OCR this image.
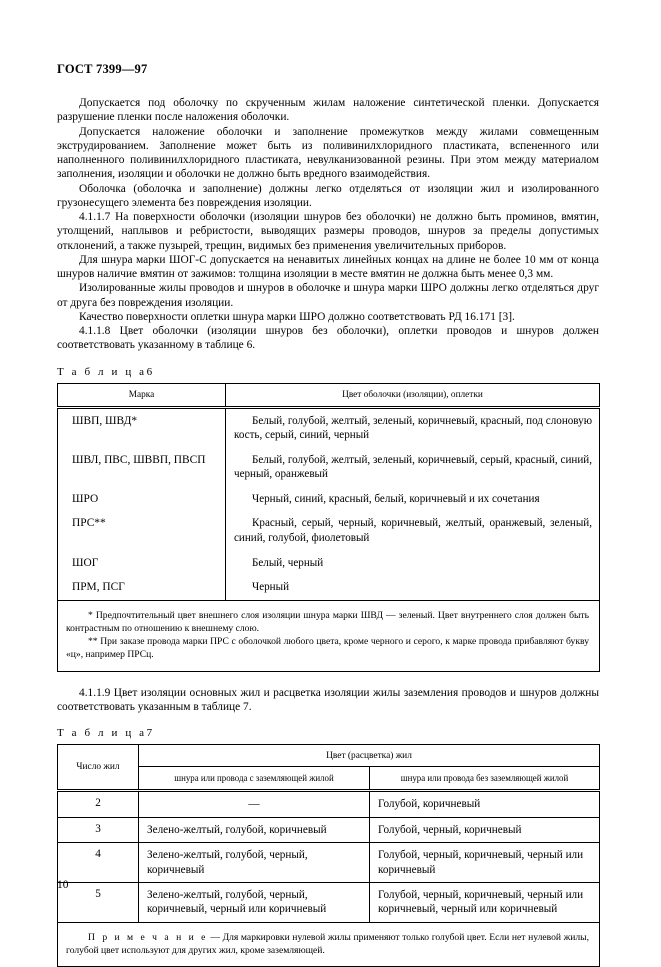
ГОСТ 7399—97

Допускается под оболочку по скрученным жилам наложение синтетической пленки. Допускается разрушение пленки после наложения оболочки.

Допускается наложение оболочки и заполнение промежутков между жилами совмещенным экструдированием. Заполнение может быть из поливинилхлоридного пластиката, вспененного или наполненного поливинилхлоридного пластиката, невулканизованной резины. При этом между материалом заполнения, изоляции и оболочки не должно быть вредного взаимодействия.

Оболочка (оболочка и заполнение) должны легко отделяться от изоляции жил и изолированного грузонесущего элемента без повреждения изоляции.

4.1.1.7 На поверхности оболочки (изоляции шнуров без оболочки) не должно быть проминов, вмятин, утолщений, наплывов и ребристости, выводящих размеры проводов, шнуров за пределы допустимых отклонений, а также пузырей, трещин, видимых без применения увеличительных приборов.

Для шнура марки ШОГ-С допускается на ненавитых линейных концах на длине не более 10 мм от конца шнуров наличие вмятин от зажимов: толщина изоляции в месте вмятин не должна быть менее 0,3 мм.

Изолированные жилы проводов и шнуров в оболочке и шнура марки ШРО должны легко отделяться друг от друга без повреждения изоляции.

Качество поверхности оплетки шнура марки ШРО должно соответствовать РД 16.171 [3].

4.1.1.8 Цвет оболочки (изоляции шнуров без оболочки), оплетки проводов и шнуров должен соответствовать указанному в таблице 6.

Т а б л и ц а6
Марка	Цвет оболочки (изоляции), оплетки
ШВП, ШВД*	Белый, голубой, желтый, зеленый, коричневый, красный, под слоновую кость, серый, синий, черный
ШВЛ, ПВС, ШВВП, ПВСП	Белый, голубой, желтый, зеленый, коричневый, серый, красный, синий, черный, оранжевый
ШРО	Черный, синий, красный, белый, коричневый и их сочетания
ПРС**	Красный, серый, черный, коричневый, желтый, оранжевый, зеленый, синий, голубой, фиолетовый
ШОГ	Белый, черный
ПРМ, ПСГ	Черный

* Предпочтительный цвет внешнего слоя изоляции шнура марки ШВД — зеленый. Цвет внутреннего слоя должен быть контрастным по отношению к внешнему слою.

** При заказе провода марки ПРС с оболочкой любого цвета, кроме черного и серого, к марке провода прибавляют букву «ц», например ПРСц.	

4.1.1.9 Цвет изоляции основных жил и расцветка изоляции жилы заземления проводов и шнуров должны соответствовать указанным в таблице 7.

Т а б л и ц а7
Число жил	Цвет (расцветка) жил	
	шнура или провода с заземляющей жилой	шнура или провода без заземляющей жилой
2	—	Голубой, коричневый
3	Зелено-желтый, голубой, коричневый	Голубой, черный, коричневый
4	Зелено-желтый, голубой, черный, коричневый	Голубой, черный, коричневый, черный или коричневый
5	Зелено-желтый, голубой, черный, коричневый, черный или коричневый	Голубой, черный, коричневый, черный или коричневый, черный или коричневый

П р и м е ч а н и е — Для маркировки нулевой жилы применяют только голубой цвет. Если нет нулевой жилы, голубой цвет используют для других жил, кроме заземляющей.		

10
